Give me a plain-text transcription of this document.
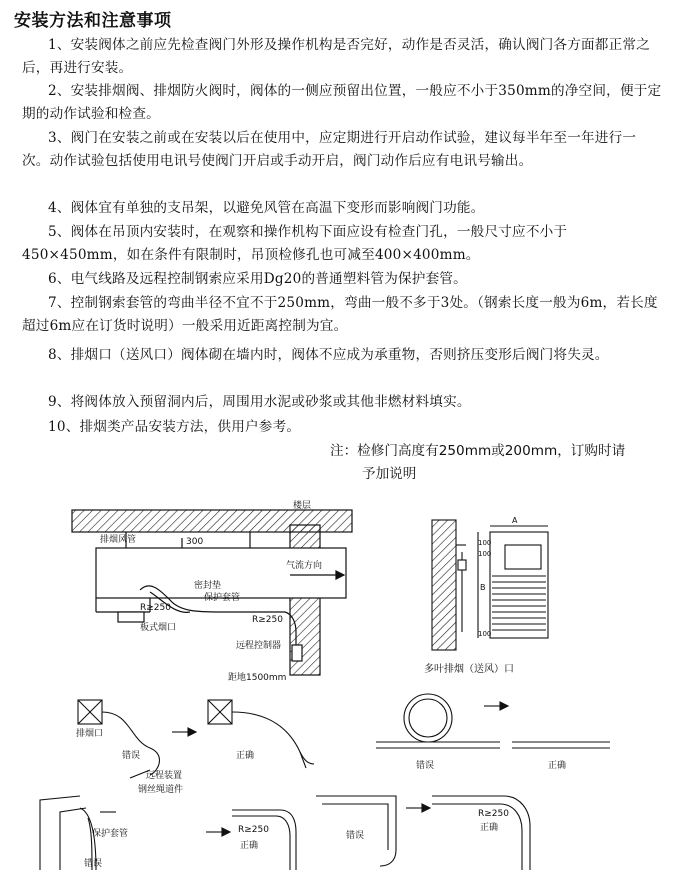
安装方法和注意事项

1、安装阀体之前应先检查阀门外形及操作机构是否完好，动作是否灵活，确认阀门各方面都正常之后，再进行安装。

2、安装排烟阀、排烟防火阀时，阀体的一侧应预留出位置，一般应不小于350mm的净空间，便于定期的动作试验和检查。

3、阀门在安装之前或在安装以后在使用中，应定期进行开启动作试验，建议每半年至一年进行一次。动作试验包括使用电讯号使阀门开启或手动开启，阀门动作后应有电讯号输出。

4、阀体宜有单独的支吊架，以避免风管在高温下变形而影响阀门功能。

5、阀体在吊顶内安装时，在观察和操作机构下面应设有检查门孔，一般尺寸应不小于450×450mm，如在条件有限制时，吊顶检修孔也可减至400×400mm。

6、电气线路及远程控制钢索应采用Dg20的普通塑料管为保护套管。

7、控制钢索套管的弯曲半径不宜不于250mm，弯曲一般不多于3处。（钢索长度一般为6m，若长度超过6m应在订货时说明）一般采用近距离控制为宜。

8、排烟口（送风口）阀体砌在墙内时，阀体不应成为承重物，否则挤压变形后阀门将失灵。

9、将阀体放入预留洞内后，周围用水泥或砂浆或其他非燃材料填实。

10、排烟类产品安装方法，供用户参考。

注：检修门高度有250mm或200mm，订购时请
予加说明
楼层
排烟风管	300
气流方向
密封垫
保护套管
R≥250
R≥250
板式烟口
远程控制器
距地1500mm
A
B
100
100
100
多叶排烟（送风）口
排烟口
错误	正确
远程装置
钢丝绳道件
错误	正确
保护套管
错误
R≥250
正确
错误
R≥250
正确
